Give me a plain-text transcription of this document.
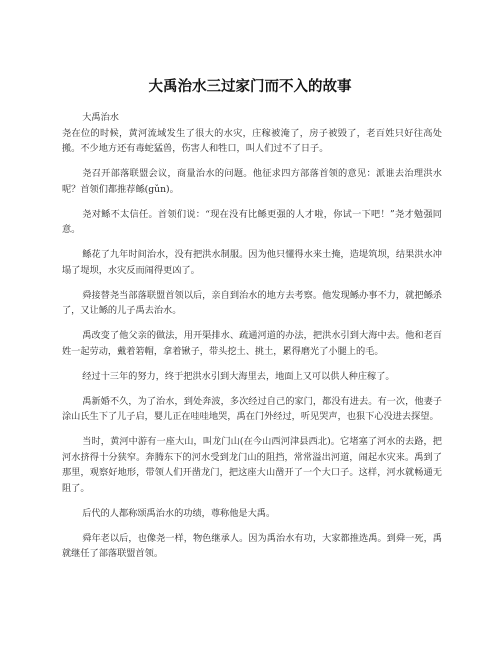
大禹治水三过家门而不入的故事
大禹治水

尧在位的时候，黄河流域发生了很大的水灾，庄稼被淹了，房子被毁了，老百姓只好往高处搬。不少地方还有毒蛇猛兽，伤害人和牲口，叫人们过不了日子。

尧召开部落联盟会议，商量治水的问题。他征求四方部落首领的意见：派谁去治理洪水呢？首领们都推荐鲧(gǔn)。

尧对鲧不太信任。首领们说：“现在没有比鲧更强的人才啦，你试一下吧！”尧才勉强同意。

鲧花了九年时间治水，没有把洪水制服。因为他只懂得水来土掩，造堤筑坝，结果洪水冲塌了堤坝，水灾反而闹得更凶了。

舜接替尧当部落联盟首领以后，亲自到治水的地方去考察。他发现鲧办事不力，就把鲧杀了，又让鲧的儿子禹去治水。

禹改变了他父亲的做法，用开渠排水、疏通河道的办法，把洪水引到大海中去。他和老百姓一起劳动，戴着箬帽，拿着锹子，带头挖土、挑土，累得磨光了小腿上的毛。

经过十三年的努力，终于把洪水引到大海里去，地面上又可以供人种庄稼了。

禹新婚不久，为了治水，到处奔波，多次经过自己的家门，都没有进去。有一次，他妻子涂山氏生下了儿子启，婴儿正在哇哇地哭，禹在门外经过，听见哭声，也狠下心没进去探望。

当时，黄河中游有一座大山，叫龙门山(在今山西河津县西北)。它堵塞了河水的去路，把河水挤得十分狭窄。奔腾东下的河水受到龙门山的阻挡，常常溢出河道，闹起水灾来。禹到了那里，观察好地形，带领人们开凿龙门，把这座大山凿开了一个大口子。这样，河水就畅通无阻了。

后代的人都称颂禹治水的功绩，尊称他是大禹。

舜年老以后，也像尧一样，物色继承人。因为禹治水有功，大家都推选禹。到舜一死，禹就继任了部落联盟首领。
